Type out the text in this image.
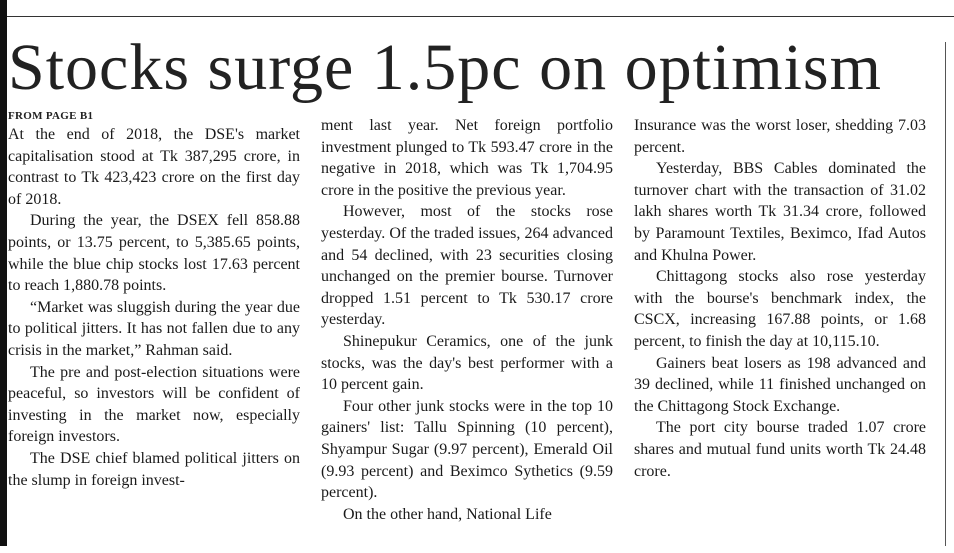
Stocks surge 1.5pc on optimism

FROM PAGE B1

At the end of 2018, the DSE's market capitalisation stood at Tk 387,295 crore, in contrast to Tk 423,423 crore on the first day of 2018.

During the year, the DSEX fell 858.88 points, or 13.75 percent, to 5,385.65 points, while the blue chip stocks lost 17.63 percent to reach 1,880.78 points.

“Market was sluggish during the year due to political jitters. It has not fallen due to any crisis in the market,” Rahman said.

The pre and post-election situations were peaceful, so investors will be confident of investing in the market now, especially foreign investors.

The DSE chief blamed political jitters on the slump in foreign invest-

ment last year. Net foreign portfolio investment plunged to Tk 593.47 crore in the negative in 2018, which was Tk 1,704.95 crore in the positive the previous year.

However, most of the stocks rose yesterday. Of the traded issues, 264 advanced and 54 declined, with 23 securities closing unchanged on the premier bourse. Turnover dropped 1.51 percent to Tk 530.17 crore yesterday.

Shinepukur Ceramics, one of the junk stocks, was the day's best performer with a 10 percent gain.

Four other junk stocks were in the top 10 gainers' list: Tallu Spinning (10 percent), Shyampur Sugar (9.97 percent), Emerald Oil (9.93 percent) and Beximco Sythetics (9.59 percent).

On the other hand, National Life

Insurance was the worst loser, shedding 7.03 percent.

Yesterday, BBS Cables dominated the turnover chart with the transaction of 31.02 lakh shares worth Tk 31.34 crore, followed by Paramount Textiles, Beximco, Ifad Autos and Khulna Power.

Chittagong stocks also rose yesterday with the bourse's benchmark index, the CSCX, increasing 167.88 points, or 1.68 percent, to finish the day at 10,115.10.

Gainers beat losers as 198 advanced and 39 declined, while 11 finished unchanged on the Chittagong Stock Exchange.

The port city bourse traded 1.07 crore shares and mutual fund units worth Tk 24.48 crore.
